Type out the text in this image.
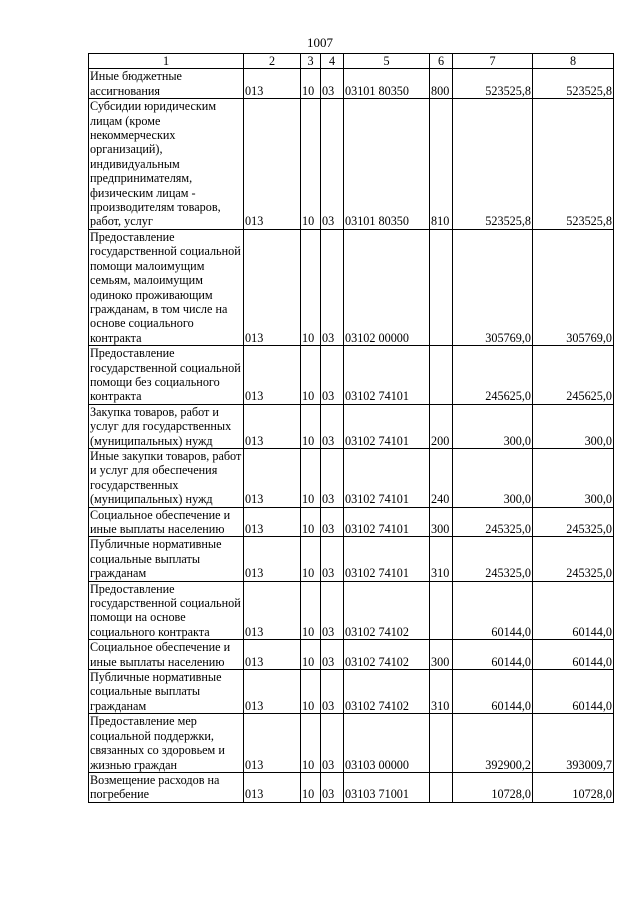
1007
1	2	3	4	5	6	7	8
Иные бюджетные ассигнования	013	10	03	03101 80350	800	523525,8	523525,8
Субсидии юридическим лицам (кроме некоммерческих организаций), индивидуальным предпринимателям, физическим лицам - производителям товаров, работ, услуг	013	10	03	03101 80350	810	523525,8	523525,8
Предоставление государственной социальной помощи малоимущим семьям, малоимущим одиноко проживающим гражданам, в том числе на основе социального контракта	013	10	03	03102 00000		305769,0	305769,0
Предоставление государственной социальной помощи без социального контракта	013	10	03	03102 74101		245625,0	245625,0
Закупка товаров, работ и услуг для государственных (муниципальных) нужд	013	10	03	03102 74101	200	300,0	300,0
Иные закупки товаров, работ и услуг для обеспечения государственных (муниципальных) нужд	013	10	03	03102 74101	240	300,0	300,0
Социальное обеспечение и иные выплаты населению	013	10	03	03102 74101	300	245325,0	245325,0
Публичные нормативные социальные выплаты гражданам	013	10	03	03102 74101	310	245325,0	245325,0
Предоставление государственной социальной помощи на основе социального контракта	013	10	03	03102 74102		60144,0	60144,0
Социальное обеспечение и иные выплаты населению	013	10	03	03102 74102	300	60144,0	60144,0
Публичные нормативные социальные выплаты гражданам	013	10	03	03102 74102	310	60144,0	60144,0
Предоставление мер социальной поддержки, связанных со здоровьем и жизнью граждан	013	10	03	03103 00000		392900,2	393009,7
Возмещение расходов на погребение	013	10	03	03103 71001		10728,0	10728,0
